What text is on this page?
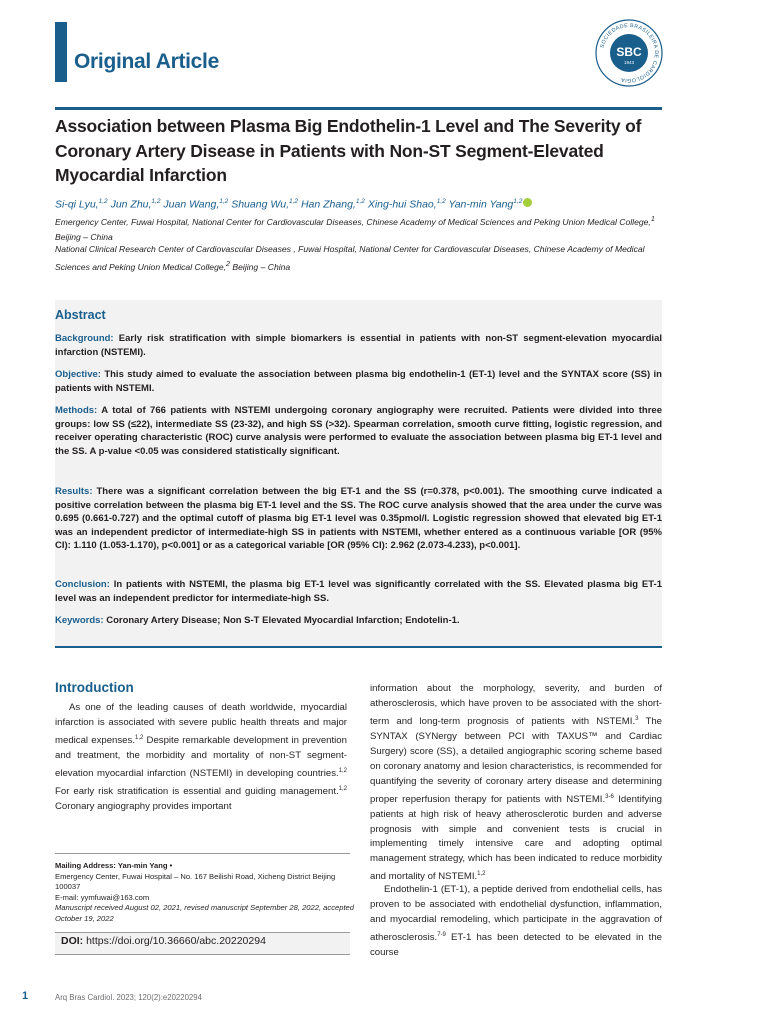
Original Article
SOCIEDADE BRASILEIRA DE CARDIOLOGIA
SBC
1943
Association between Plasma Big Endothelin-1 Level and The Severity of Coronary Artery Disease in Patients with Non-ST Segment-Elevated Myocardial Infarction
Si-qi Lyu,$^{1,2}$ Jun Zhu,$^{1,2}$ Juan Wang,$^{1,2}$ Shuang Wu,$^{1,2}$ Han Zhang,$^{1,2}$ Xing-hui Shao,$^{1,2}$ Yan-min Yang$^{1,2}$
Emergency Center, Fuwai Hospital, National Center for Cardiovascular Diseases, Chinese Academy of Medical Sciences and Peking Union Medical College,$^1$ Beijing – China
National Clinical Research Center of Cardiovascular Diseases , Fuwai Hospital, National Center for Cardiovascular Diseases, Chinese Academy of Medical Sciences and Peking Union Medical College,$^2$ Beijing – China
Abstract
Background: Early risk stratification with simple biomarkers is essential in patients with non-ST segment-elevation myocardial infarction (NSTEMI).
Objective: This study aimed to evaluate the association between plasma big endothelin-1 (ET-1) level and the SYNTAX score (SS) in patients with NSTEMI.
Methods: A total of 766 patients with NSTEMI undergoing coronary angiography were recruited. Patients were divided into three groups: low SS (≤22), intermediate SS (23-32), and high SS (>32). Spearman correlation, smooth curve fitting, logistic regression, and receiver operating characteristic (ROC) curve analysis were performed to evaluate the association between plasma big ET-1 level and the SS. A p-value <0.05 was considered statistically significant.
Results: There was a significant correlation between the big ET-1 and the SS (r=0.378, p<0.001). The smoothing curve indicated a positive correlation between the plasma big ET-1 level and the SS. The ROC curve analysis showed that the area under the curve was 0.695 (0.661-0.727) and the optimal cutoff of plasma big ET-1 level was 0.35pmol/l. Logistic regression showed that elevated big ET-1 was an independent predictor of intermediate-high SS in patients with NSTEMI, whether entered as a continuous variable [OR (95% CI): 1.110 (1.053-1.170), p<0.001] or as a categorical variable [OR (95% CI): 2.962 (2.073-4.233), p<0.001].
Conclusion: In patients with NSTEMI, the plasma big ET-1 level was significantly correlated with the SS. Elevated plasma big ET-1 level was an independent predictor for intermediate-high SS.
Keywords: Coronary Artery Disease; Non S-T Elevated Myocardial Infarction; Endotelin-1.
Introduction
As one of the leading causes of death worldwide, myocardial infarction is associated with severe public health threats and major medical expenses.$^{1,2}$ Despite remarkable development in prevention and treatment, the morbidity and mortality of non-ST segment-elevation myocardial infarction (NSTEMI) in developing countries.$^{1,2}$ For early risk stratification is essential and guiding management.$^{1,2}$ Coronary angiography provides important
information about the morphology, severity, and burden of atherosclerosis, which have proven to be associated with the short-term and long-term prognosis of patients with NSTEMI.$^3$ The SYNTAX (SYNergy between PCI with TAXUS™ and Cardiac Surgery) score (SS), a detailed angiographic scoring scheme based on coronary anatomy and lesion characteristics, is recommended for quantifying the severity of coronary artery disease and determining proper reperfusion therapy for patients with NSTEMI.$^{3-6}$ Identifying patients at high risk of heavy atherosclerotic burden and adverse prognosis with simple and convenient tests is crucial in implementing timely intensive care and adopting optimal management strategy, which has been indicated to reduce morbidity and mortality of NSTEMI.$^{1,2}$
Endothelin-1 (ET-1), a peptide derived from endothelial cells, has proven to be associated with endothelial dysfunction, inflammation, and myocardial remodeling, which participate in the aggravation of atherosclerosis.$^{7-9}$ ET-1 has been detected to be elevated in the course
Mailing Address: Yan-min Yang •
Emergency Center, Fuwai Hospital – No. 167 Beilishi Road, Xicheng District Beijing 100037
E-mail: yymfuwai@163.com
Manuscript received August 02, 2021, revised manuscript September 28, 2022, accepted October 19, 2022
DOI: https://doi.org/10.36660/abc.20220294
1	Arq Bras Cardiol. 2023; 120(2):e20220294
